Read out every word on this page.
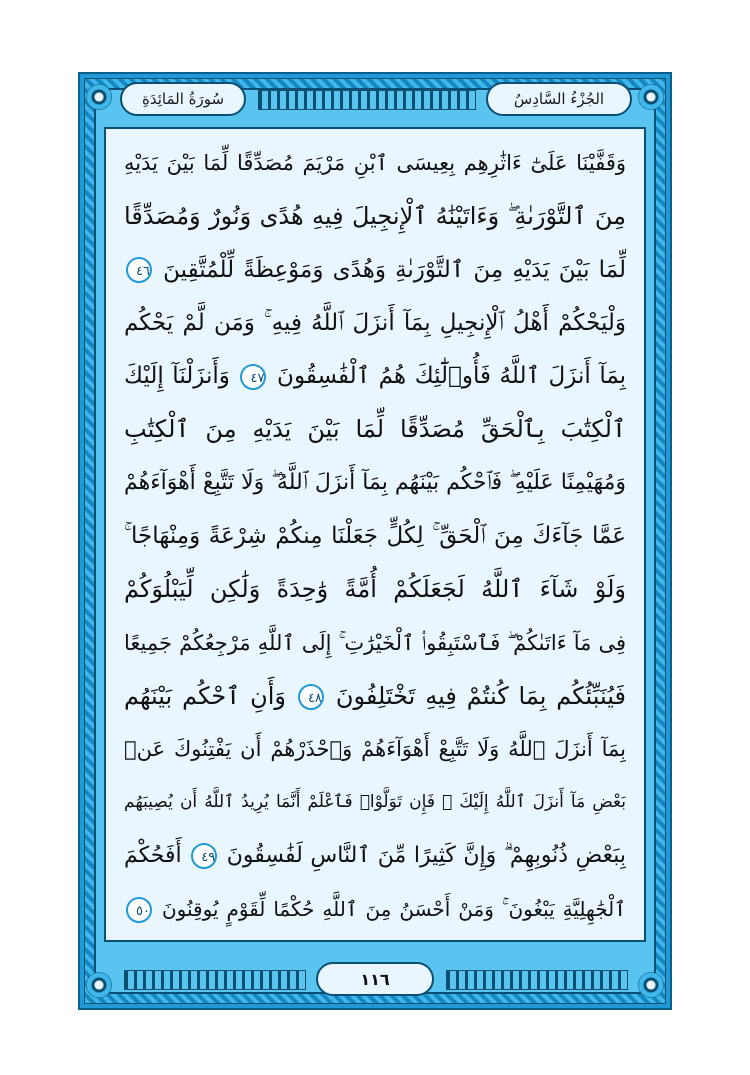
الجُزْءُ السَّادِسُ
سُورَةُ المَائِدَةِ
وَقَفَّيْنَا عَلَىٰٓ ءَاثَٰرِهِم بِعِيسَى ٱبْنِ مَرْيَمَ مُصَدِّقًا لِّمَا بَيْنَ يَدَيْهِ
مِنَ ٱلتَّوْرَىٰةِ ۖ وَءَاتَيْنَٰهُ ٱلْإِنجِيلَ فِيهِ هُدًى وَنُورٌ وَمُصَدِّقًا
لِّمَا بَيْنَ يَدَيْهِ مِنَ ٱلتَّوْرَىٰةِ وَهُدًى وَمَوْعِظَةً لِّلْمُتَّقِينَ ٤٦
وَلْيَحْكُمْ أَهْلُ ٱلْإِنجِيلِ بِمَآ أَنزَلَ ٱللَّهُ فِيهِ ۚ وَمَن لَّمْ يَحْكُم
بِمَآ أَنزَلَ ٱللَّهُ فَأُو۟لَٰٓئِكَ هُمُ ٱلْفَٰسِقُونَ ٤٧ وَأَنزَلْنَآ إِلَيْكَ
ٱلْكِتَٰبَ بِٱلْحَقِّ مُصَدِّقًا لِّمَا بَيْنَ يَدَيْهِ مِنَ ٱلْكِتَٰبِ
وَمُهَيْمِنًا عَلَيْهِ ۖ فَٱحْكُم بَيْنَهُم بِمَآ أَنزَلَ ٱللَّهُ ۖ وَلَا تَتَّبِعْ أَهْوَآءَهُمْ
عَمَّا جَآءَكَ مِنَ ٱلْحَقِّ ۚ لِكُلٍّ جَعَلْنَا مِنكُمْ شِرْعَةً وَمِنْهَاجًا ۚ
وَلَوْ شَآءَ ٱللَّهُ لَجَعَلَكُمْ أُمَّةً وَٰحِدَةً وَلَٰكِن لِّيَبْلُوَكُمْ
فِى مَآ ءَاتَىٰكُمْ ۖ فَٱسْتَبِقُوا۟ ٱلْخَيْرَٰتِ ۚ إِلَى ٱللَّهِ مَرْجِعُكُمْ جَمِيعًا
فَيُنَبِّئُكُم بِمَا كُنتُمْ فِيهِ تَخْتَلِفُونَ ٤٨ وَأَنِ ٱحْكُم بَيْنَهُم
بِمَآ أَنزَلَ ٱللَّهُ وَلَا تَتَّبِعْ أَهْوَآءَهُمْ وَٱحْذَرْهُمْ أَن يَفْتِنُوكَ عَنۢ
بَعْضِ مَآ أَنزَلَ ٱللَّهُ إِلَيْكَ ۖ فَإِن تَوَلَّوْا۟ فَٱعْلَمْ أَنَّمَا يُرِيدُ ٱللَّهُ أَن يُصِيبَهُم
بِبَعْضِ ذُنُوبِهِمْ ۗ وَإِنَّ كَثِيرًا مِّنَ ٱلنَّاسِ لَفَٰسِقُونَ ٤٩ أَفَحُكْمَ
ٱلْجَٰهِلِيَّةِ يَبْغُونَ ۚ وَمَنْ أَحْسَنُ مِنَ ٱللَّهِ حُكْمًا لِّقَوْمٍ يُوقِنُونَ ٥٠
١١٦
